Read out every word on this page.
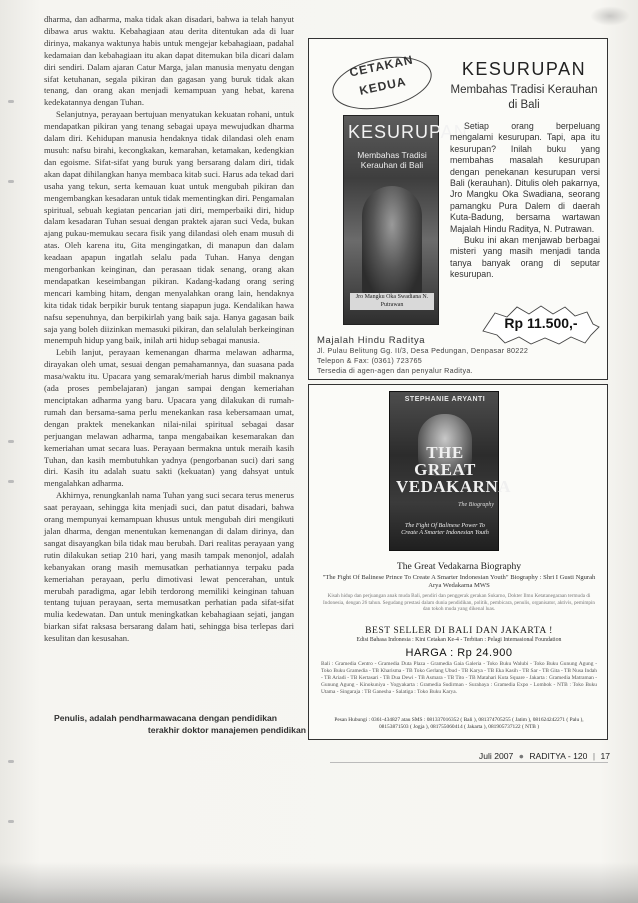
dharma, dan adharma, maka tidak akan disadari, bahwa ia telah hanyut dibawa arus waktu. Kebahagiaan atau derita ditentukan ada di luar dirinya, makanya waktunya habis untuk mengejar kebahagiaan, padahal kedamaian dan kebahagiaan itu akan dapat ditemukan bila dicari dalam diri sendiri. Dalam ajaran Catur Marga, jalan manusia menyatu dengan sifat ketuhanan, segala pikiran dan gagasan yang buruk tidak akan tenang, dan orang akan menjadi kemampuan yang hebat, karena kedekatannya dengan Tuhan.

Selanjutnya, perayaan bertujuan menyatukan kekuatan rohani, untuk mendapatkan pikiran yang tenang sebagai upaya mewujudkan dharma dalam diri. Kehidupan manusia hendaknya tidak dilandasi oleh enam musuh: nafsu birahi, kecongkakan, kemarahan, ketamakan, kedengkian dan egoisme. Sifat-sifat yang buruk yang bersarang dalam diri, tidak akan dapat dihilangkan hanya membaca kitab suci. Harus ada tekad dari usaha yang tekun, serta kemauan kuat untuk mengubah pikiran dan mengembangkan kesadaran untuk tidak mementingkan diri. Pengamalan spiritual, sebuah kegiatan pencarian jati diri, memperbaiki diri, hidup dalam kesadaran Tuhan sesuai dengan praktek ajaran suci Veda, bukan ajang pukau-memukau secara fisik yang dilandasi oleh enam musuh di atas. Oleh karena itu, Gita mengingatkan, di manapun dan dalam keadaan apapun ingatlah selalu pada Tuhan. Hanya dengan mengorbankan keinginan, dan perasaan tidak senang, orang akan mendapatkan keseimbangan pikiran. Kadang-kadang orang sering mencari kambing hitam, dengan menyalahkan orang lain, hendaknya kita tidak tidak berpikir buruk tentang siapapun juga. Kendalikan hawa nafsu sepenuhnya, dan berpikirlah yang baik saja. Hanya gagasan baik saja yang boleh diizinkan memasuki pikiran, dan selalulah berkeinginan menempuh hidup yang baik, inilah arti hidup sebagai manusia.

Lebih lanjut, perayaan kemenangan dharma melawan adharma, dirayakan oleh umat, sesuai dengan pemahamannya, dan suasana pada masa/waktu itu. Upacara yang semarak/meriah harus dimbil maknanya (ada proses pembelajaran) jangan sampai dengan kemeriahan menciptakan adharma yang baru. Upacara yang dilakukan di rumah-rumah dan bersama-sama perlu menekankan rasa kebersamaan umat, dengan praktek menekankan nilai-nilai spiritual sebagai dasar perjuangan melawan adharma, tanpa mengabaikan kesemarakan dan kemeriahan umat secara luas. Perayaan bermakna untuk meraih kasih Tuhan, dan kasih membutuhkan yadnya (pengorbanan suci) dari sang diri. Kasih itu adalah suatu sakti (kekuatan) yang dahsyat untuk mengalahkan adharma.

Akhirnya, renungkanlah nama Tuhan yang suci secara terus menerus saat perayaan, sehingga kita menjadi suci, dan patut disadari, bahwa orang mempunyai kemampuan khusus untuk mengubah diri mengikuti jalan dharma, dengan menentukan kemenangan di dalam dirinya, dan sangat disayangkan bila tidak mau berubah. Dari realitas perayaan yang rutin dilakukan setiap 210 hari, yang masih tampak menonjol, adalah kebanyakan orang masih memusatkan perhatiannya terpaku pada kemeriahan perayaan, perlu dimotivasi lewat pencerahan, untuk merubah paradigma, agar lebih terdorong memiliki keinginan tahuan tentang tujuan perayaan, serta memusatkan perhatian pada sifat-sifat mulia kedewatan. Dan untuk meningkatkan kebahagiaan sejati, jangan biarkan sifat raksasa bersarang dalam hati, sehingga bisa terlepas dari kesulitan dan kesusahan.

Penulis, adalah pendharmawacana dengan pendidikan
terakhir doktor manajemen pendidikan
CETAKAN
KEDUA
KESURUPAN
Membahas Tradisi Kerauhan di Bali
Jro Mangku Oka Swadiana N. Putrawan
KESURUPAN
Membahas Tradisi Kerauhan di Bali

Setiap orang berpeluang mengalami kesurupan. Tapi, apa itu kesurupan? Inilah buku yang membahas masalah kesurupan dengan penekanan kesurupan versi Bali (kerauhan). Ditulis oleh pakarnya, Jro Mangku Oka Swadiana, seorang pamangku Pura Dalem di daerah Kuta-Badung, bersama wartawan Majalah Hindu Raditya, N. Putrawan.

Buku ini akan menjawab berbagai misteri yang masih menjadi tanda tanya banyak orang di seputar kesurupan.

Rp 11.500,-
Majalah Hindu Raditya
Jl. Pulau Belitung Gg. II/3, Desa Pedungan, Denpasar 80222
Telepon & Fax: (0361) 723765
Tersedia di agen-agen dan penyalur Raditya.
STEPHANIE ARYANTI
THE GREAT VEDAKARNA
The Biography
The Fight Of Balinese Power To Create A Smarter Indonesian Youth
The Great Vedakarna Biography
"The Fight Of Balinese Prince To Create A Smarter Indonesian Youth" Biography : Shri I Gusti Ngurah Arya Wedakarna MWS
Kisah hidup dan perjuangan anak muda Bali, pendiri dan penggerak gerakan Sukarno, Dokter Ilmu Ketatanegaraan termuda di Indonesia, dengan 26 tahun. Segudang prestasi dalam dunia pendidikan, politik, pembicara, penulis, organisator, aktivis, pemimpin dan tokoh muda yang dikenal luas.
BEST SELLER DI BALI DAN JAKARTA !
Edisi Bahasa Indonesia : Kini Cetakan Ke-4 - Terbitan : Pelagi Internasional Foundation
HARGA : Rp 24.900
Bali : Gramedia Centro - Gramedia Duta Plaza - Gramedia Gaia Galeria - Toko Buku Walubi - Toko Buku Gunung Agung - Toko Buku Gramedia - TB Kharisma - TB Toko Gerlang Ubud - TB Karya - TB Eka Kasih - TB Sar - TB Gita - TB Nusa Indah - TB Ariadi - TB Kertasari - TB Dua Dewi - TB Asmara - TB Tito - TB Matahari Kuta Square - Jakarta : Gramedia Matraman - Gunung Agung - Kinokuniya - Yogyakarta : Gramedia Sudirman - Surabaya : Gramedia Expo - Lombok - NTB : Toko Buku Utama - Singaraja : TB Ganesha - Salatiga : Toko Buku Karya.
Pesan Hubungi : 0361-434827 atau SMS : 081337016352 ( Bali ), 081374705255 ( Jatim ), 081624242271 ( Palu ), 08153871503 ( Jogja ), 081755060414 ( Jakarta ), 081905737122 ( NTB )
Juli 2007 ● RADITYA - 120 | 17
